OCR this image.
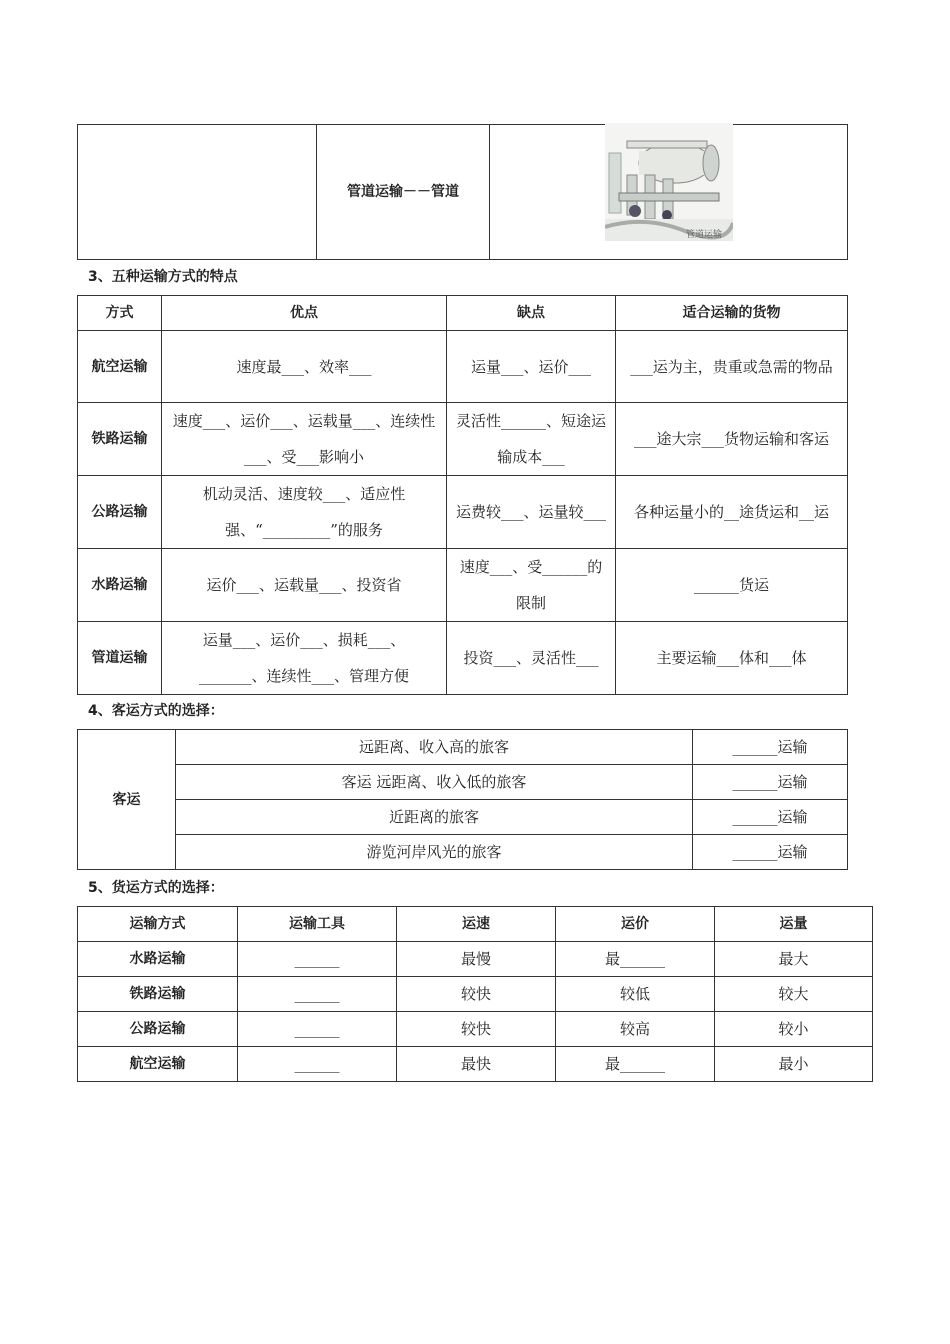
	管道运输－－管道	
管道运输
3、五种运输方式的特点
方式	优点	缺点	适合运输的货物
航空运输	速度最___、效率___	运量___、运价___	___运为主，贵重或急需的物品
铁路运输	速度___、运价___、运载量___、连续性___、受___影响小	灵活性______、短途运输成本___	___途大宗___货物运输和客运
公路运输	机动灵活、速度较___、适应性强、“_________”的服务	运费较___、运量较___	各种运量小的__途货运和__运
水路运输	运价___、运载量___、投资省	速度___、受______的限制	______货运
管道运输	运量___、运价___、损耗___、_______、连续性___、管理方便	投资___、灵活性___	主要运输___体和___体
4、客运方式的选择：
客运	远距离、收入高的旅客	______运输
	客运 远距离、收入低的旅客	______运输
	近距离的旅客	______运输
	游览河岸风光的旅客	______运输
5、货运方式的选择：
运输方式	运输工具	运速	运价	运量
水路运输	______	最慢	最______	最大
铁路运输	______	较快	较低	较大
公路运输	______	较快	较高	较小
航空运输	______	最快	最______	最小
